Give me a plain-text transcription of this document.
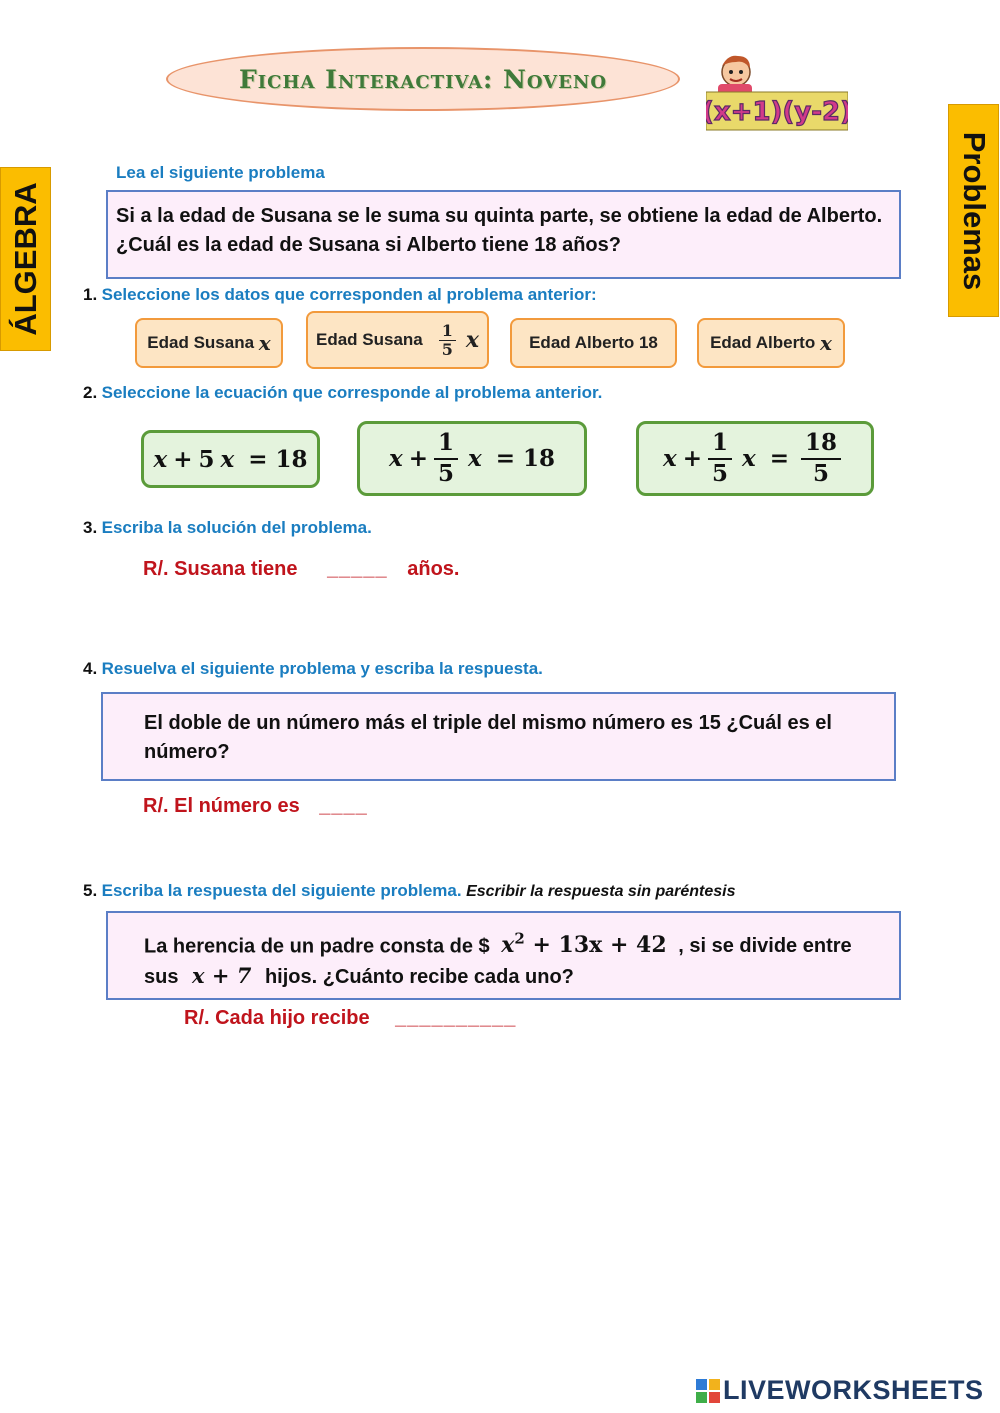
Ficha Interactiva: Noveno
(x+1)(y-2)
ÁLGEBRA	Problemas
Lea el siguiente problema
Si a la edad de Susana se le suma su quinta parte, se obtiene la edad de Alberto.
¿Cuál es la edad de Susana si Alberto tiene 18 años?
1. Seleccione los datos que corresponden al problema anterior:
Edad Susana
x	Edad Susana $\frac{1}{5}$ x	Edad Alberto 18	Edad Alberto
x
2. Seleccione la ecuación que corresponde al problema anterior.
x + 5 x = 18	$x + \frac{1}{5}$ x = 18	$x + \frac{1}{5}$ $x = \frac{18}{5}$
3. Escriba la solución del problema.
R/. Susana tiene _____ años.
4. Resuelva el siguiente problema y escriba la respuesta.
El doble de un número más el triple del mismo número es 15 ¿Cuál es el
número?
R/. El número es ____
5. Escriba la respuesta del siguiente problema. Escribir la respuesta sin paréntesis
La herencia de un padre consta de $ $x^2 + 13x + 42$ , si se divide entre
sus x + 7 hijos. ¿Cuánto recibe cada uno?
R/. Cada hijo recibe __________
LIVEWORKSHEETS
